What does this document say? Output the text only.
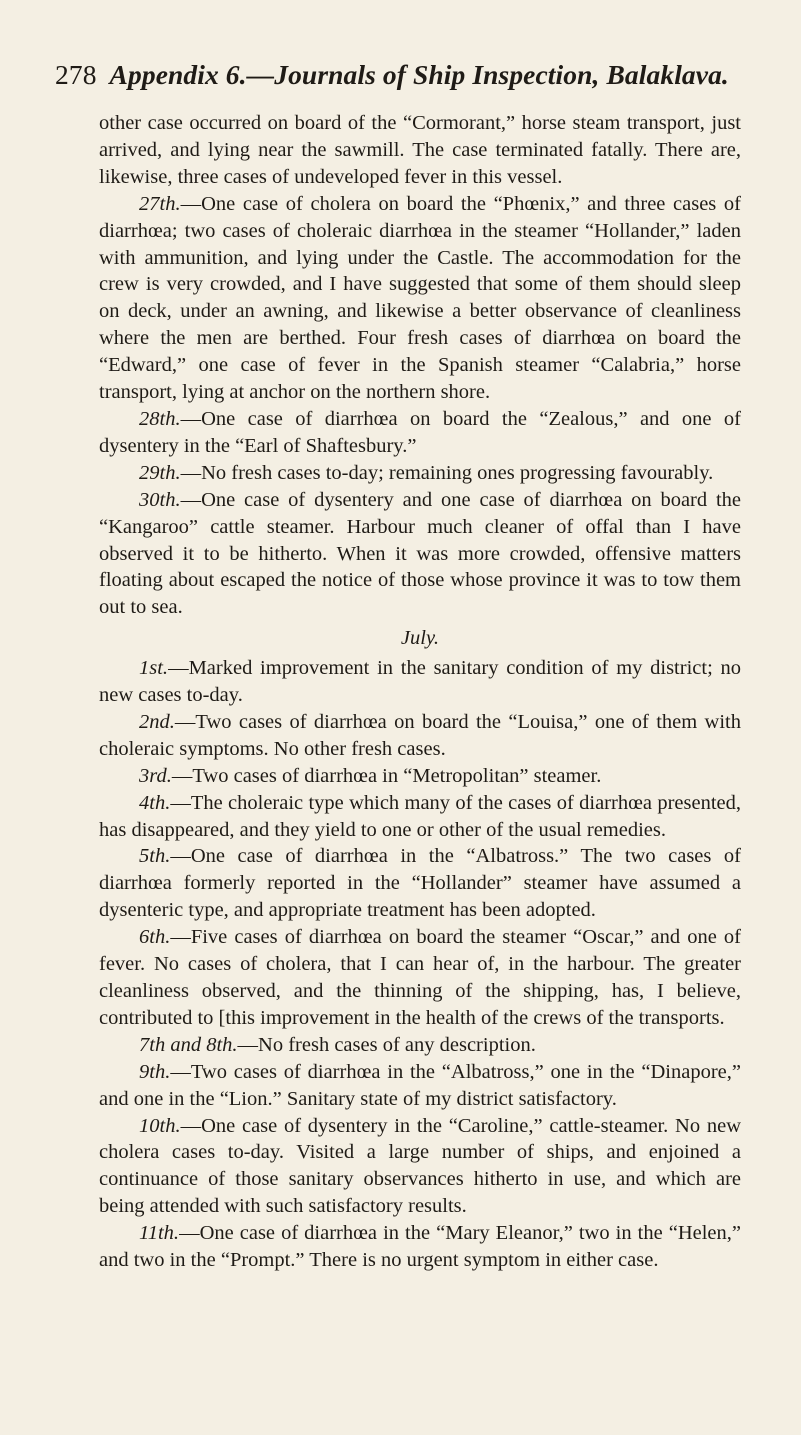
278 Appendix 6.—Journals of Ship Inspection, Balaklava.

other case occurred on board of the “Cormorant,” horse steam transport, just arrived, and lying near the sawmill. The case terminated fatally. There are, likewise, three cases of undeveloped fever in this vessel.

27th.—One case of cholera on board the “Phœnix,” and three cases of diarrhœa; two cases of choleraic diarrhœa in the steamer “Hollander,” laden with ammunition, and lying under the Castle. The accommodation for the crew is very crowded, and I have suggested that some of them should sleep on deck, under an awning, and likewise a better observance of cleanliness where the men are berthed. Four fresh cases of diarrhœa on board the “Edward,” one case of fever in the Spanish steamer “Calabria,” horse transport, lying at anchor on the northern shore.

28th.—One case of diarrhœa on board the “Zealous,” and one of dysentery in the “Earl of Shaftesbury.”

29th.—No fresh cases to-day; remaining ones progressing favourably.

30th.—One case of dysentery and one case of diarrhœa on board the “Kangaroo” cattle steamer. Harbour much cleaner of offal than I have observed it to be hitherto. When it was more crowded, offensive matters floating about escaped the notice of those whose province it was to tow them out to sea.

July.

1st.—Marked improvement in the sanitary condition of my district; no new cases to-day.

2nd.—Two cases of diarrhœa on board the “Louisa,” one of them with choleraic symptoms. No other fresh cases.

3rd.—Two cases of diarrhœa in “Metropolitan” steamer.

4th.—The choleraic type which many of the cases of diarrhœa presented, has disappeared, and they yield to one or other of the usual remedies.

5th.—One case of diarrhœa in the “Albatross.” The two cases of diarrhœa formerly reported in the “Hollander” steamer have assumed a dysenteric type, and appropriate treatment has been adopted.

6th.—Five cases of diarrhœa on board the steamer “Oscar,” and one of fever. No cases of cholera, that I can hear of, in the harbour. The greater cleanliness observed, and the thinning of the shipping, has, I believe, contributed to [this improvement in the health of the crews of the transports.

7th and 8th.—No fresh cases of any description.

9th.—Two cases of diarrhœa in the “Albatross,” one in the “Dinapore,” and one in the “Lion.” Sanitary state of my district satisfactory.

10th.—One case of dysentery in the “Caroline,” cattle-steamer. No new cholera cases to-day. Visited a large number of ships, and enjoined a continuance of those sanitary observances hitherto in use, and which are being attended with such satisfactory results.

11th.—One case of diarrhœa in the “Mary Eleanor,” two in the “Helen,” and two in the “Prompt.” There is no urgent symptom in either case.
